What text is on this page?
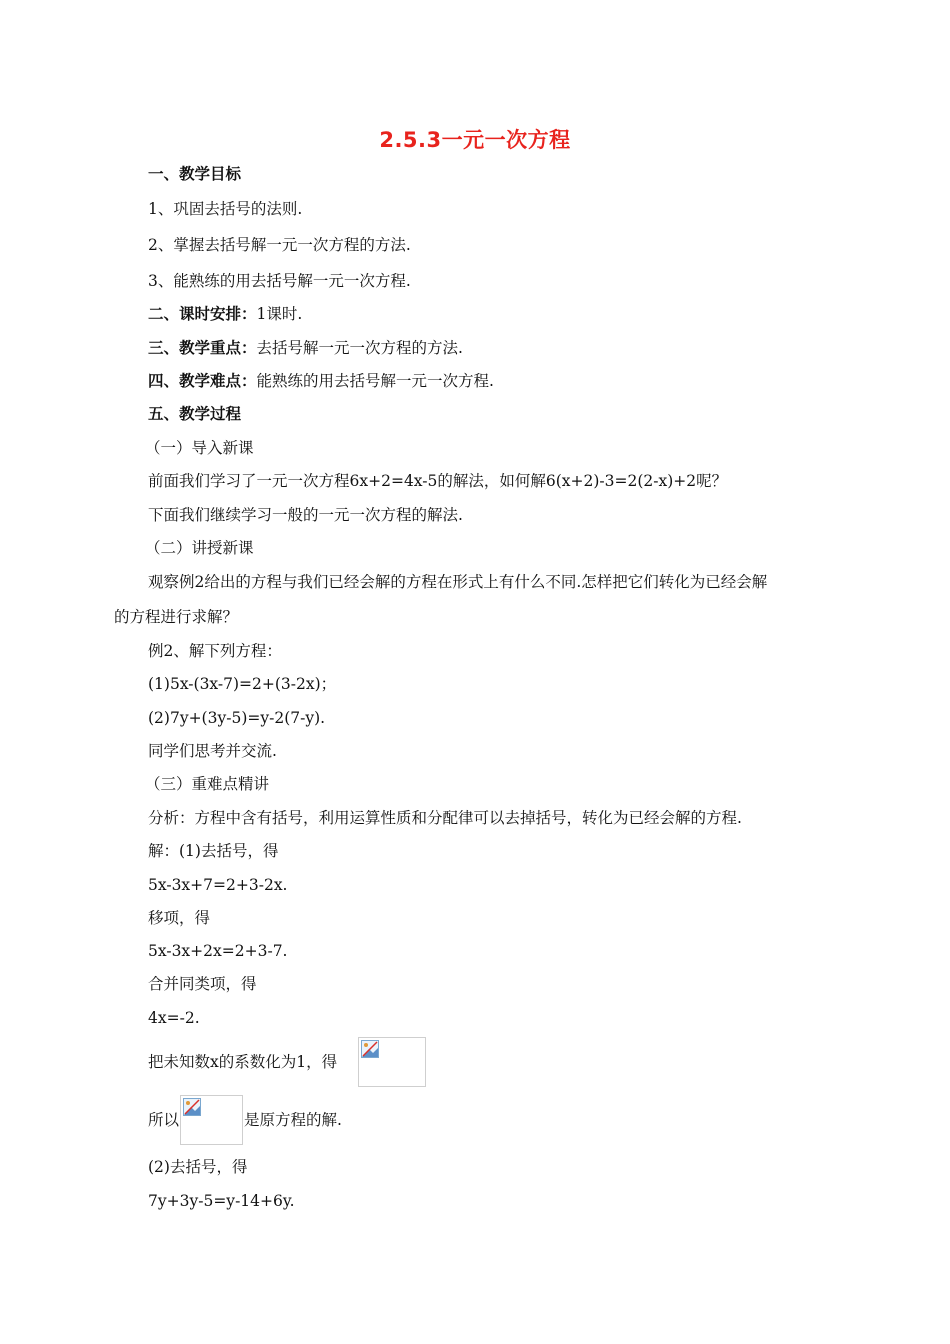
2.5.3一元一次方程
一、教学目标
1、巩固去括号的法则.
2、掌握去括号解一元一次方程的方法.
3、能熟练的用去括号解一元一次方程.
二、课时安排：1课时.
三、教学重点：去括号解一元一次方程的方法.
四、教学难点：能熟练的用去括号解一元一次方程.
五、教学过程
（一）导入新课
前面我们学习了一元一次方程6x+2=4x-5的解法，如何解6(x+2)-3=2(2-x)+2呢？
下面我们继续学习一般的一元一次方程的解法.
（二）讲授新课
观察例2给出的方程与我们已经会解的方程在形式上有什么不同.怎样把它们转化为已经会解
的方程进行求解？
例2、解下列方程：
(1)5x-(3x-7)=2+(3-2x)；
(2)7y+(3y-5)=y-2(7-y).
同学们思考并交流.
（三）重难点精讲
分析：方程中含有括号，利用运算性质和分配律可以去掉括号，转化为已经会解的方程.
解：(1)去括号，得
5x-3x+7=2+3-2x.
移项，得
5x-3x+2x=2+3-7.
合并同类项，得
4x=-2.
把未知数x的系数化为1，得
所以	是原方程的解.
(2)去括号，得
7y+3y-5=y-14+6y.
